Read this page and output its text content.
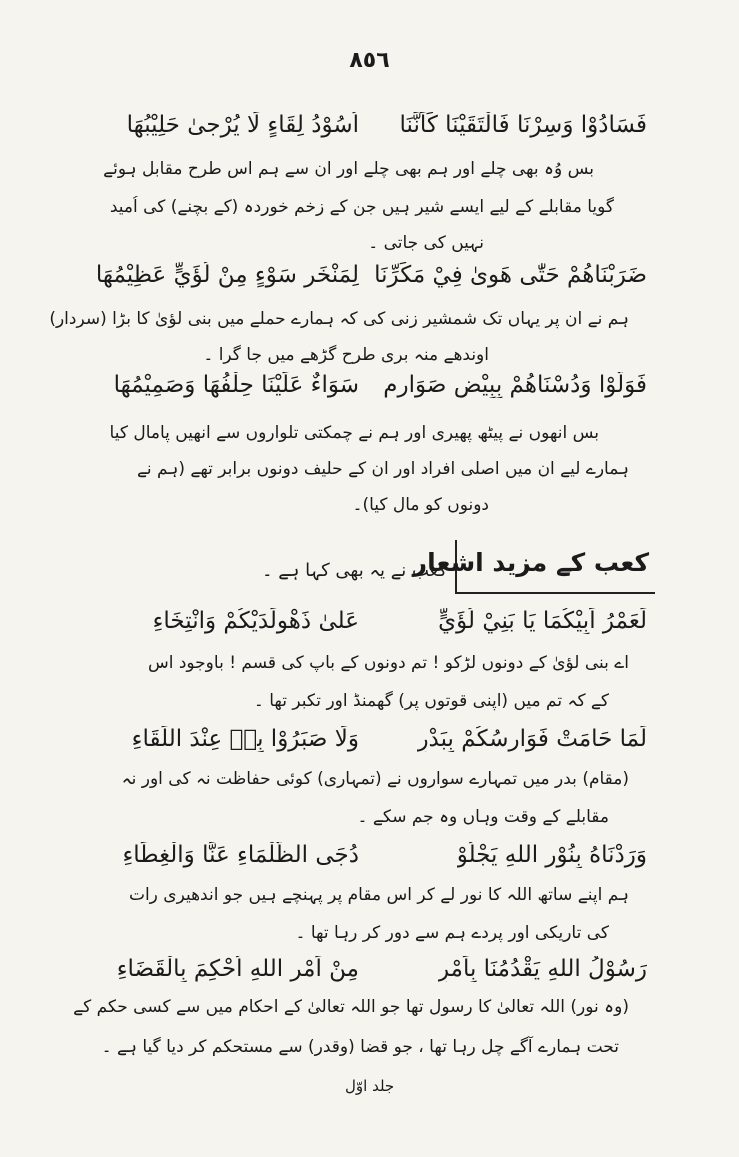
٨٥٦
اُسُوْدُ لِقَاءٍ لَا يُرْجىٰ حَلِيْبُهَا فَسَادُوْا وَسِرْنَا فَالْتَقَيْنَا كَاَنَّنَا
بس وُہ بھی چلے اور ہم بھی چلے اور ان سے ہم اس طرح مقابل ہوئے
گویا مقابلے کے لیے ایسے شیر ہیں جن کے زخم خوردہ (کے بچنے) کی اُمید
نہیں کی جاتی ۔
لِمَنْخَرِ سَوْءٍ مِنْ لُؤَيٍّ عَظِيْمُهَا ضَرَبْنَاهُمْ حَتّٰى هَوىٰ فِيْ مَكَرِّنَا
ہم نے ان پر یہاں تک شمشیر زنی کی کہ ہمارے حملے میں بنی لؤیٰ کا بڑا (سردار)
اوندھے منہ بری طرح گڑھے میں جا گرا ۔
سَوَاءٌ عَلَيْنَا حِلْفُهَا وَصَمِيْمُهَا فَوَلَّوْا وَدُسْنَاهُمْ بِبِيْضٍ صَوَارِمٍ
بس انھوں نے پیٹھ پھیری اور ہم نے چمکتی تلواروں سے انھیں پامال کیا
ہمارے لیے ان میں اصلی افراد اور ان کے حلیف دونوں برابر تھے (ہم نے
دونوں کو مال کیا)۔
کعب کے مزید اشعار
کعب نے یہ بھی کہا ہے ۔
عَلىٰ ذَهْوِلَدَيْكُمْ وَانْتِخَاءِ	لَعَمْرُ اَبِيْكُمَا يَا بَنِيْ لُؤَيٍّ
اے بنی لؤیٰ کے دونوں لڑکو ! تم دونوں کے باپ کی قسم ! باوجود اس
کے کہ تم میں (اپنی قوتوں پر) گھمنڈ اور تکبر تھا ۔
وَلَا صَبَرُوْا بِهٖ عِنْدَ اللِّقَاءِ	لَمَا حَامَتْ فَوَارِسُكُمْ بِبَدْرٍ
(مقام) بدر میں تمہارے سواروں نے (تمہاری) کوئی حفاظت نہ کی اور نہ
مقابلے کے وقت وہاں وہ جم سکے ۔
دُجَى الظَّلْمَاءِ عَنَّا وَالْغِطَاءِ	وَرَدْنَاهُ بِنُوْرِ اللهِ يَجْلُوْ
ہم اپنے ساتھ اللہ کا نور لے کر اس مقام پر پہنچے ہیں جو اندھیری رات
کی تاریکی اور پردے ہم سے دور کر رہا تھا ۔
مِنْ اَمْرِ اللهِ اُحْكِمَ بِالْقَضَاءِ	رَسُوْلُ اللهِ يَقْدُمُنَا بِاَمْرٍ
(وہ نور) اللہ تعالیٰ کا رسول تھا جو اللہ تعالیٰ کے احکام میں سے کسی حکم کے
تحت ہمارے آگے چل رہا تھا ، جو قضا (وقدر) سے مستحکم کر دیا گیا ہے ۔
جلد اوّل
